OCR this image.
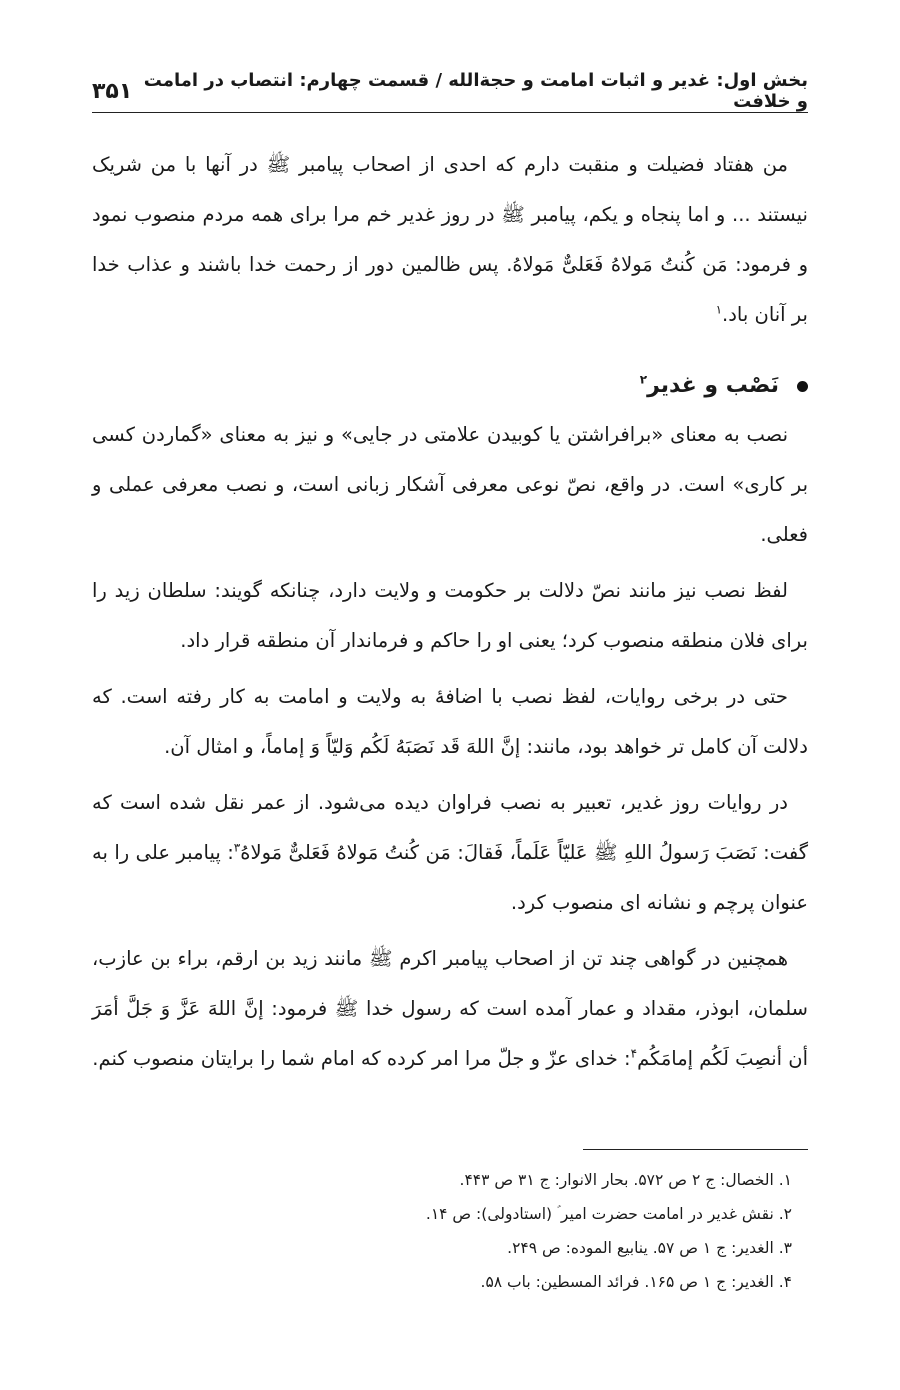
بخش اول: غدیر و اثبات امامت و حجةالله / قسمت چهارم: انتصاب در امامت و خلافت
۳۵۱

من هفتاد فضیلت و منقبت دارم که احدی از اصحاب پیامبر ﷺ در آنها با من شریک نیستند ... و اما پنجاه و یکم، پیامبر ﷺ در روز غدیر خم مرا برای همه مردم منصوب نمود و فرمود: مَن کُنتُ مَولاهُ فَعَلیٌّ مَولاهُ. پس ظالمین دور از رحمت خدا باشند و عذاب خدا بر آنان باد.$^۱$

نَصْب و غدیر$^۲$

نصب به معنای «برافراشتن یا کوبیدن علامتی در جایی» و نیز به معنای «گماردن کسی بر کاری» است. در واقع، نصّ نوعی معرفی آشکار زبانی است، و نصب معرفی عملی و فعلی.

لفظ نصب نیز مانند نصّ دلالت بر حکومت و ولایت دارد، چنانکه گویند: سلطان زید را برای فلان منطقه منصوب کرد؛ یعنی او را حاکم و فرماندار آن منطقه قرار داد.

حتی در برخی روایات، لفظ نصب با اضافهٔ به ولایت و امامت به کار رفته است. که دلالت آن کامل تر خواهد بود، مانند: إنَّ اللهَ قَد نَصَبَهُ لَکُم وَلیّاً وَ إماماً، و امثال آن.

در روایات روز غدیر، تعبیر به نصب فراوان دیده می‌شود. از عمر نقل شده است که گفت: نَصَبَ رَسولُ اللهِ ﷺ عَلیّاً عَلَماً، فَقالَ: مَن کُنتُ مَولاهُ فَعَلیٌّ مَولاهُ$^۳$: پیامبر علی را به عنوان پرچم و نشانه ای منصوب کرد.

همچنین در گواهی چند تن از اصحاب پیامبر اکرم ﷺ مانند زید بن ارقم، براء بن عازب، سلمان، ابوذر، مقداد و عمار آمده است که رسول خدا ﷺ فرمود: إنَّ اللهَ عَزَّ وَ جَلَّ أمَرَ أن أنصِبَ لَکُم إمامَکُم$^۴$: خدای عزّ و جلّ مرا امر کرده که امام شما را برایتان منصوب کنم.

۱. الخصال: ج ۲ ص ۵۷۲. بحار الانوار: ج ۳۱ ص ۴۴۳.

۲. نقش غدیر در امامت حضرت امیر ؑ (استادولی): ص ۱۴.

۳. الغدیر: ج ۱ ص ۵۷. ینابیع الموده: ص ۲۴۹.

۴. الغدیر: ج ۱ ص ۱۶۵. فرائد المسطین: باب ۵۸.
